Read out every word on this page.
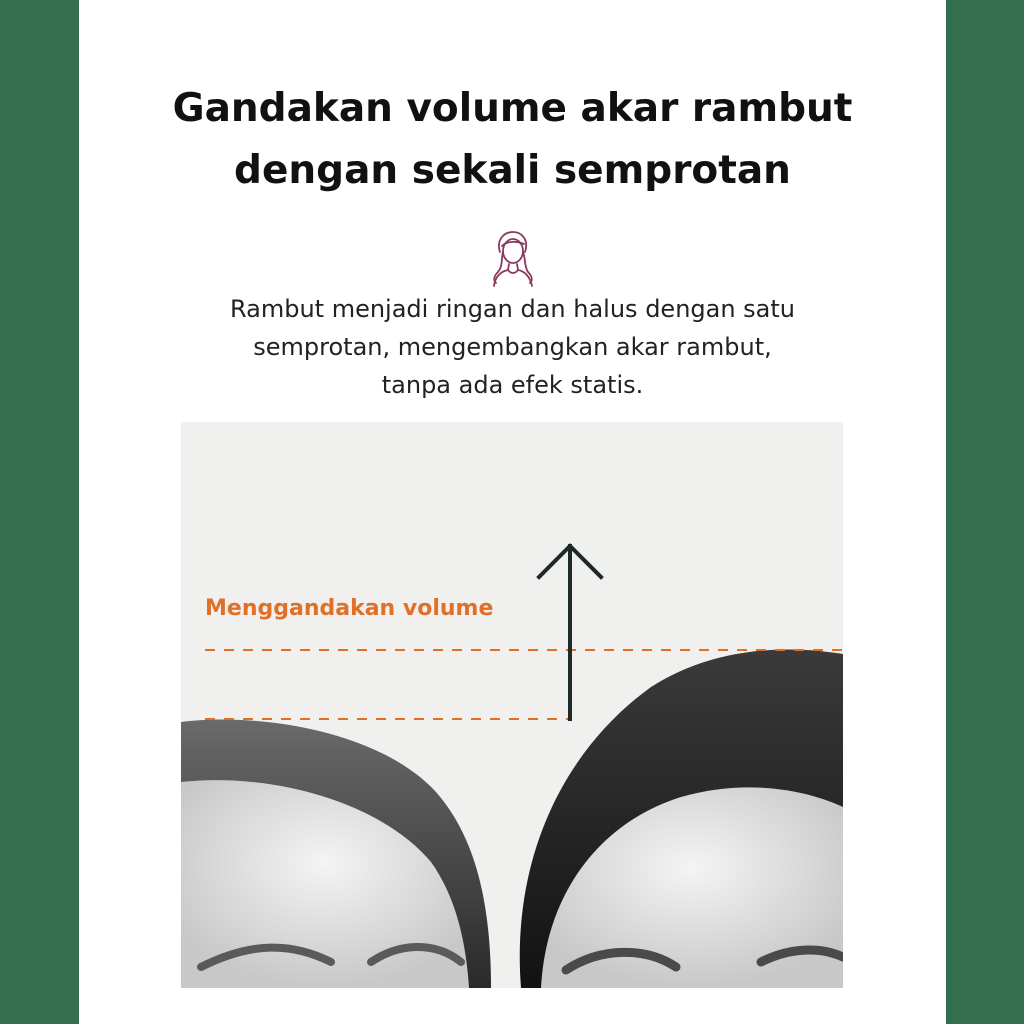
Gandakan volume akar rambut
dengan sekali semprotan
Rambut menjadi ringan dan halus dengan satu
semprotan, mengembangkan akar rambut,
tanpa ada efek statis.
Menggandakan volume
